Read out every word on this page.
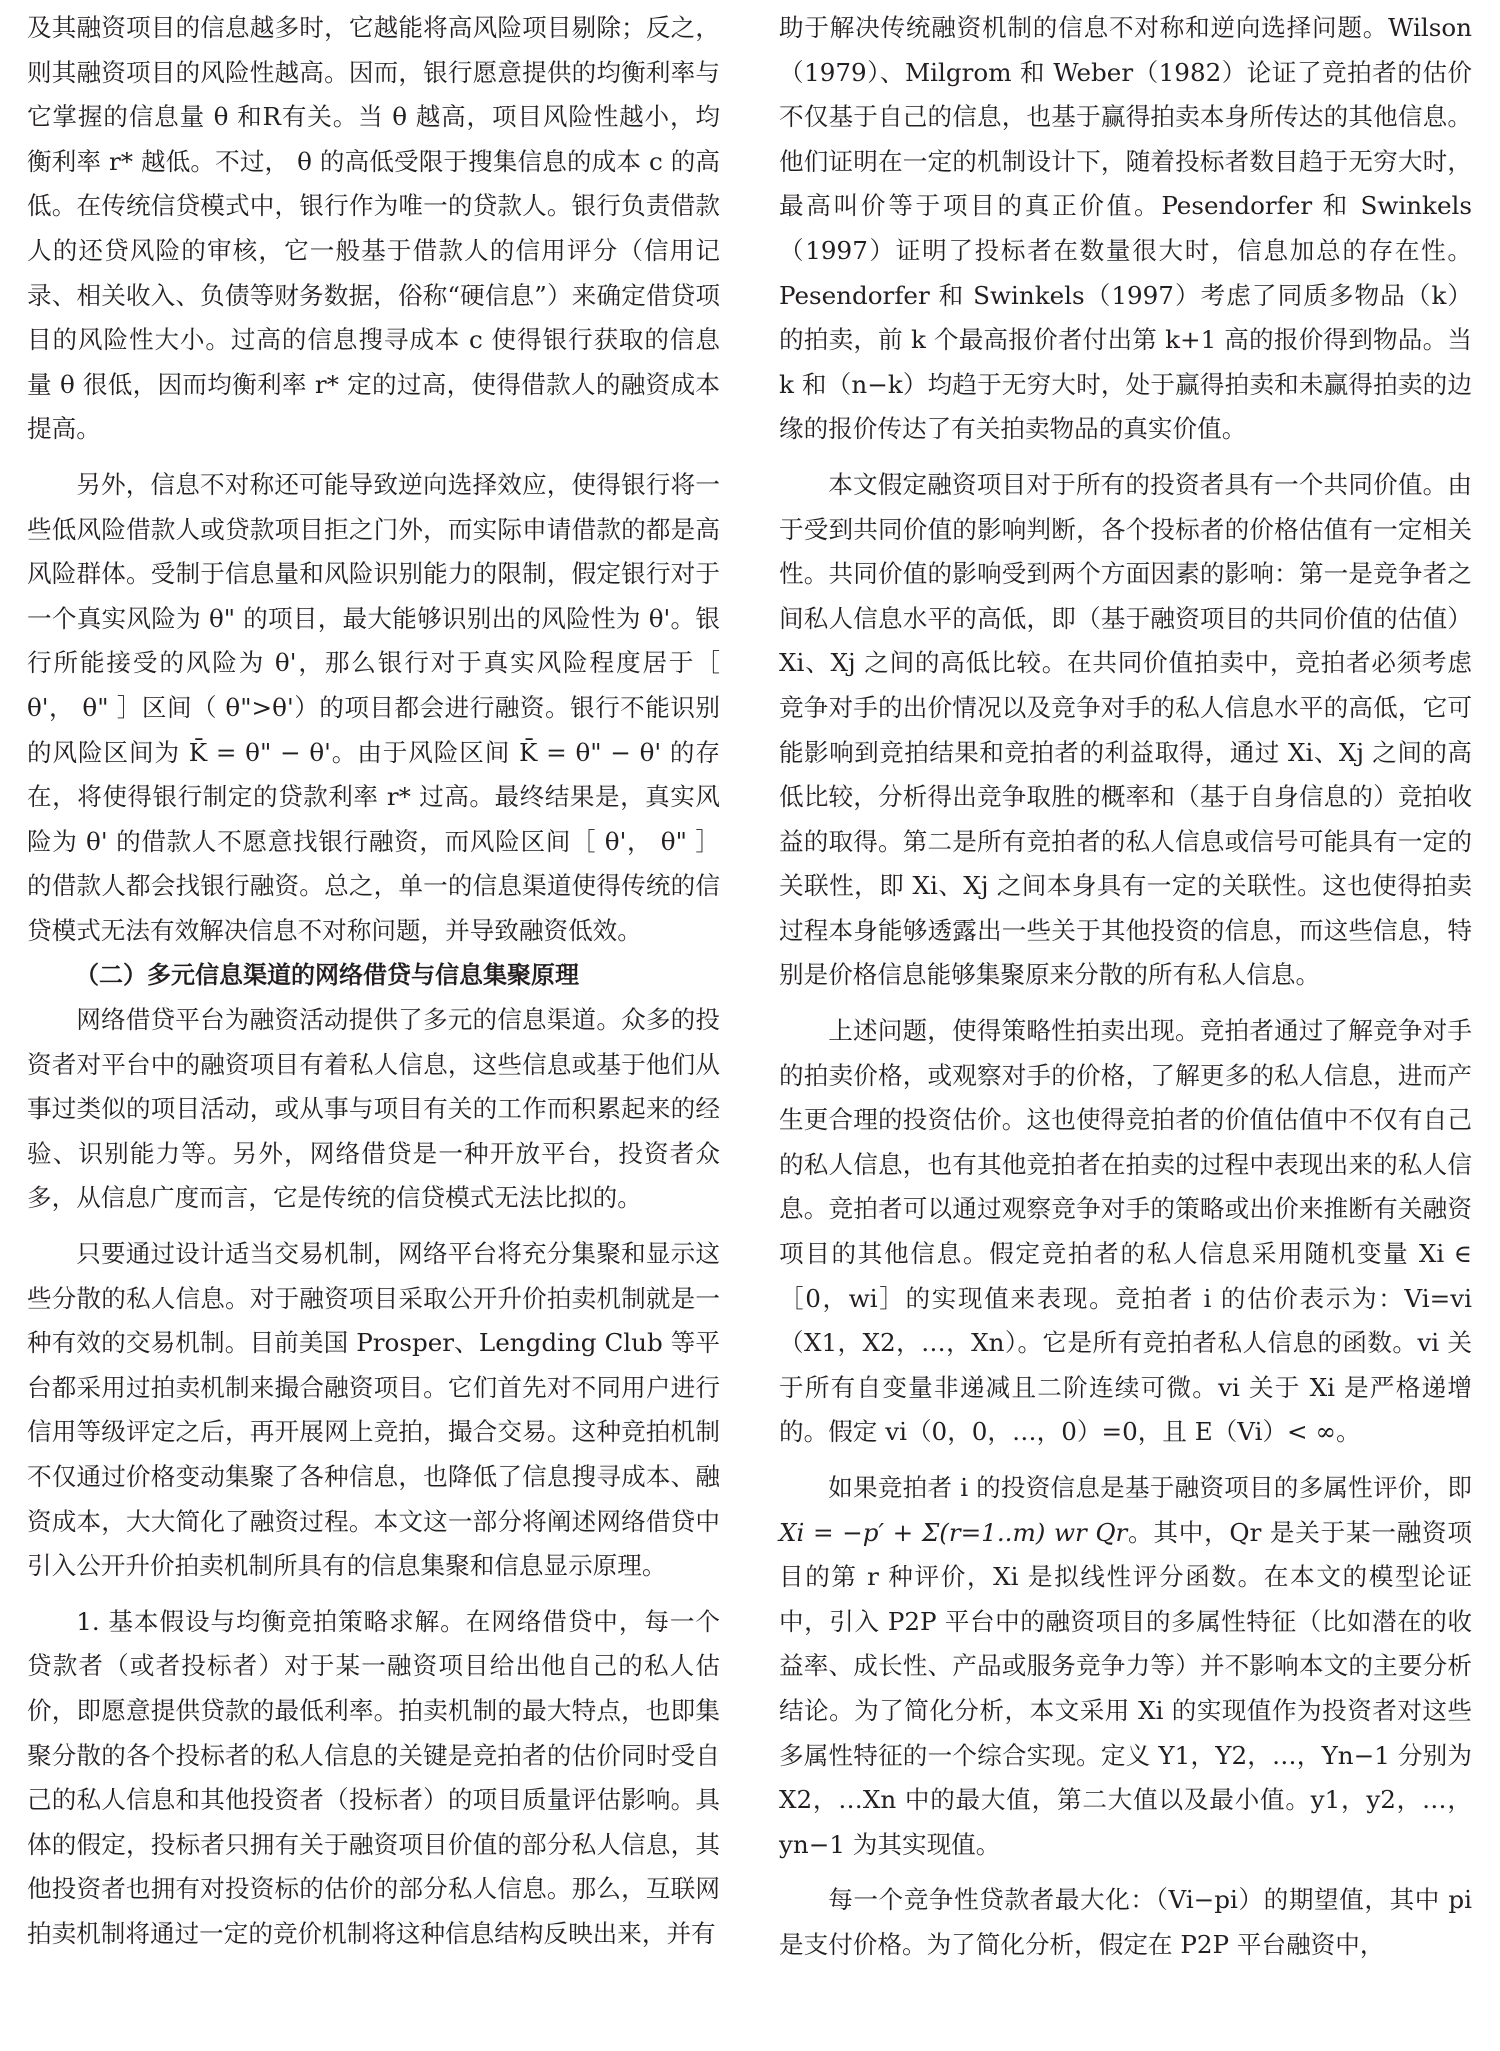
及其融资项目的信息越多时，它越能将高风险项目剔除；反之，则其融资项目的风险性越高。因而，银行愿意提供的均衡利率与它掌握的信息量 θ 和R有关。当 θ 越高，项目风险性越小，均衡利率 r* 越低。不过， θ 的高低受限于搜集信息的成本 c 的高低。在传统信贷模式中，银行作为唯一的贷款人。银行负责借款人的还贷风险的审核，它一般基于借款人的信用评分（信用记录、相关收入、负债等财务数据，俗称“硬信息”）来确定借贷项目的风险性大小。过高的信息搜寻成本 c 使得银行获取的信息量 θ 很低，因而均衡利率 r* 定的过高，使得借款人的融资成本提高。

另外，信息不对称还可能导致逆向选择效应，使得银行将一些低风险借款人或贷款项目拒之门外，而实际申请借款的都是高风险群体。受制于信息量和风险识别能力的限制，假定银行对于一个真实风险为 θ" 的项目，最大能够识别出的风险性为 θ'。银行所能接受的风险为 θ'，那么银行对于真实风险程度居于［ θ'， θ" ］区间（ θ">θ'）的项目都会进行融资。银行不能识别的风险区间为 K̄ = θ" − θ'。由于风险区间 K̄ = θ" − θ' 的存在，将使得银行制定的贷款利率 r* 过高。最终结果是，真实风险为 θ' 的借款人不愿意找银行融资，而风险区间［ θ'， θ" ］的借款人都会找银行融资。总之，单一的信息渠道使得传统的信贷模式无法有效解决信息不对称问题，并导致融资低效。

（二）多元信息渠道的网络借贷与信息集聚原理

网络借贷平台为融资活动提供了多元的信息渠道。众多的投资者对平台中的融资项目有着私人信息，这些信息或基于他们从事过类似的项目活动，或从事与项目有关的工作而积累起来的经验、识别能力等。另外，网络借贷是一种开放平台，投资者众多，从信息广度而言，它是传统的信贷模式无法比拟的。

只要通过设计适当交易机制，网络平台将充分集聚和显示这些分散的私人信息。对于融资项目采取公开升价拍卖机制就是一种有效的交易机制。目前美国 Prosper、Lengding Club 等平台都采用过拍卖机制来撮合融资项目。它们首先对不同用户进行信用等级评定之后，再开展网上竞拍，撮合交易。这种竞拍机制不仅通过价格变动集聚了各种信息，也降低了信息搜寻成本、融资成本，大大简化了融资过程。本文这一部分将阐述网络借贷中引入公开升价拍卖机制所具有的信息集聚和信息显示原理。

1. 基本假设与均衡竞拍策略求解。在网络借贷中，每一个贷款者（或者投标者）对于某一融资项目给出他自己的私人估价，即愿意提供贷款的最低利率。拍卖机制的最大特点，也即集聚分散的各个投标者的私人信息的关键是竞拍者的估价同时受自己的私人信息和其他投资者（投标者）的项目质量评估影响。具体的假定，投标者只拥有关于融资项目价值的部分私人信息，其他投资者也拥有对投资标的估价的部分私人信息。那么，互联网拍卖机制将通过一定的竞价机制将这种信息结构反映出来，并有

助于解决传统融资机制的信息不对称和逆向选择问题。Wilson（1979）、Milgrom 和 Weber（1982）论证了竞拍者的估价不仅基于自己的信息，也基于赢得拍卖本身所传达的其他信息。他们证明在一定的机制设计下，随着投标者数目趋于无穷大时，最高叫价等于项目的真正价值。Pesendorfer 和 Swinkels（1997）证明了投标者在数量很大时，信息加总的存在性。Pesendorfer 和 Swinkels（1997）考虑了同质多物品（k）的拍卖，前 k 个最高报价者付出第 k+1 高的报价得到物品。当 k 和（n−k）均趋于无穷大时，处于赢得拍卖和未赢得拍卖的边缘的报价传达了有关拍卖物品的真实价值。

本文假定融资项目对于所有的投资者具有一个共同价值。由于受到共同价值的影响判断，各个投标者的价格估值有一定相关性。共同价值的影响受到两个方面因素的影响：第一是竞争者之间私人信息水平的高低，即（基于融资项目的共同价值的估值）Xi、Xj 之间的高低比较。在共同价值拍卖中，竞拍者必须考虑竞争对手的出价情况以及竞争对手的私人信息水平的高低，它可能影响到竞拍结果和竞拍者的利益取得，通过 Xi、Xj 之间的高低比较，分析得出竞争取胜的概率和（基于自身信息的）竞拍收益的取得。第二是所有竞拍者的私人信息或信号可能具有一定的关联性，即 Xi、Xj 之间本身具有一定的关联性。这也使得拍卖过程本身能够透露出一些关于其他投资的信息，而这些信息，特别是价格信息能够集聚原来分散的所有私人信息。

上述问题，使得策略性拍卖出现。竞拍者通过了解竞争对手的拍卖价格，或观察对手的价格，了解更多的私人信息，进而产生更合理的投资估价。这也使得竞拍者的价值估值中不仅有自己的私人信息，也有其他竞拍者在拍卖的过程中表现出来的私人信息。竞拍者可以通过观察竞争对手的策略或出价来推断有关融资项目的其他信息。假定竞拍者的私人信息采用随机变量 Xi ∈［0，wi］的实现值来表现。竞拍者 i 的估价表示为：Vi=vi（X1，X2，…，Xn）。它是所有竞拍者私人信息的函数。vi 关于所有自变量非递减且二阶连续可微。vi 关于 Xi 是严格递增的。假定 vi（0，0，…，0）=0，且 E（Vi）< ∞。

如果竞拍者 i 的投资信息是基于融资项目的多属性评价，即Xi = −p′ + Σ(r=1..m) wr Qr。其中，Qr 是关于某一融资项目的第 r 种评价，Xi 是拟线性评分函数。在本文的模型论证中，引入 P2P 平台中的融资项目的多属性特征（比如潜在的收益率、成长性、产品或服务竞争力等）并不影响本文的主要分析结论。为了简化分析，本文采用 Xi 的实现值作为投资者对这些多属性特征的一个综合实现。定义 Y1，Y2，…，Yn−1 分别为 X2，…Xn 中的最大值，第二大值以及最小值。y1，y2，…，yn−1 为其实现值。

每一个竞争性贷款者最大化：（Vi−pi）的期望值，其中 pi 是支付价格。为了简化分析，假定在 P2P 平台融资中，
